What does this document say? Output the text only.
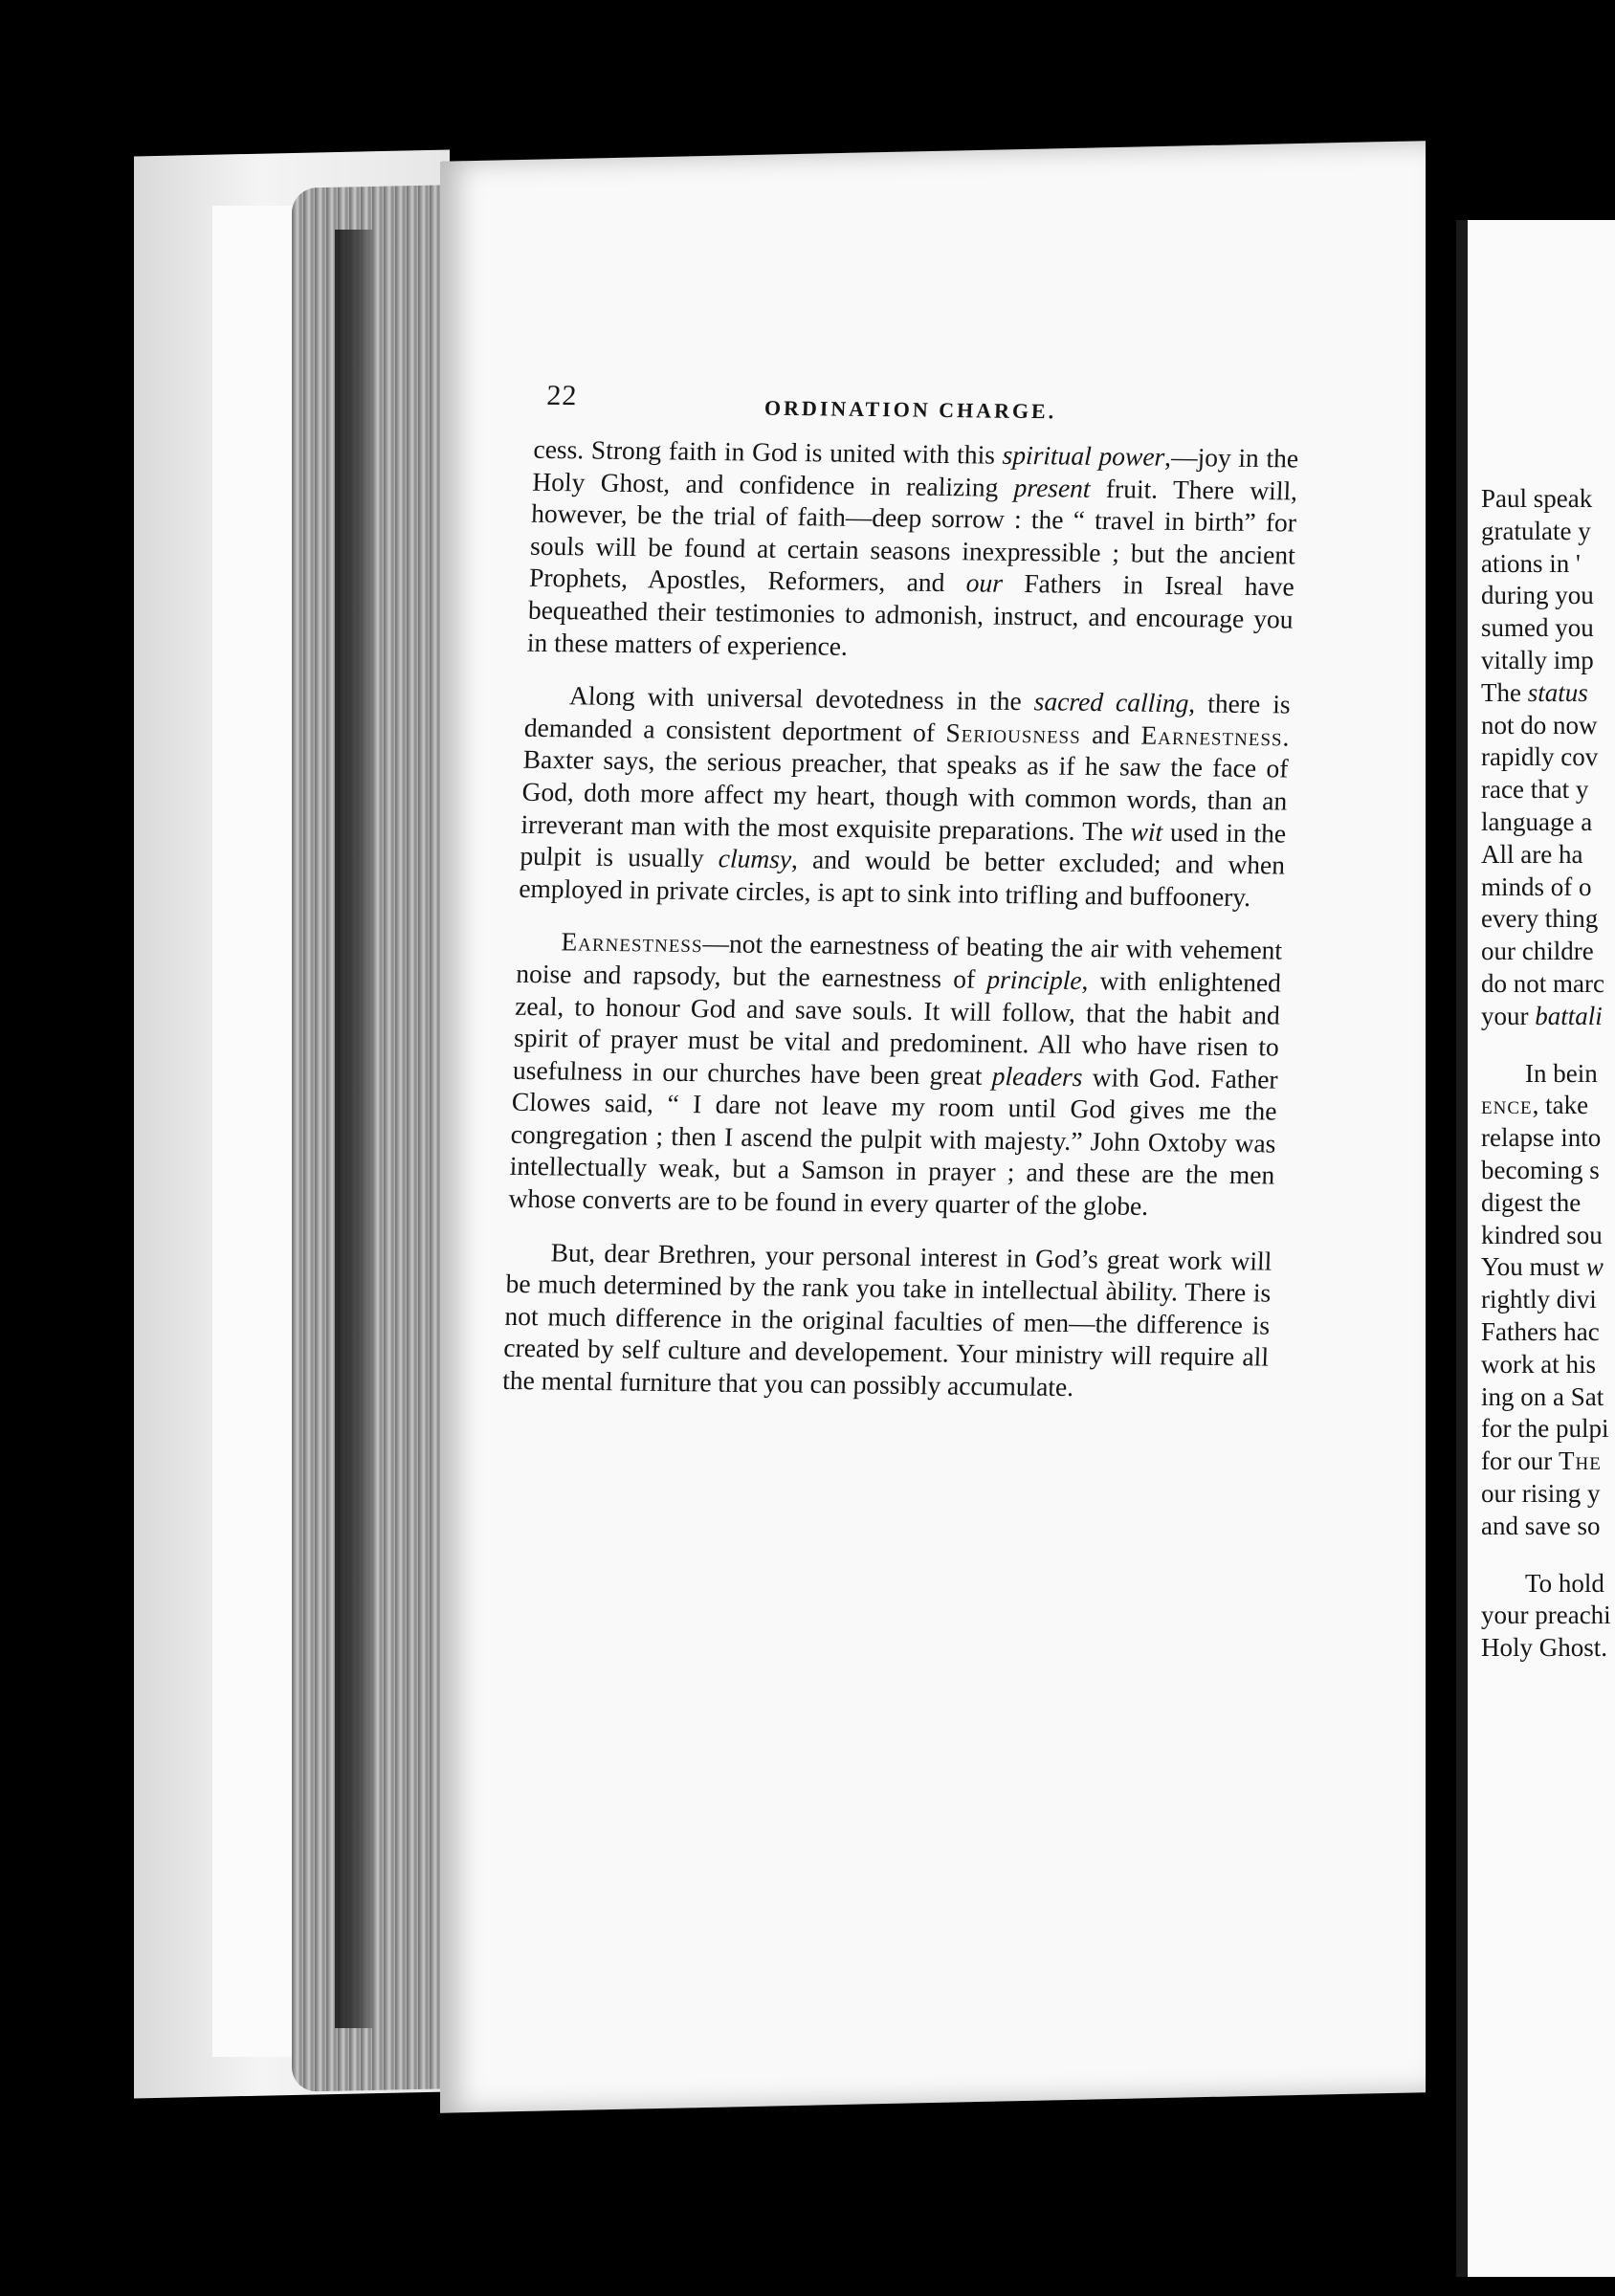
22	ORDINATION CHARGE.

cess. Strong faith in God is united with this spiritual power,—joy in the Holy Ghost, and confidence in realizing present fruit. There will, however, be the trial of faith—deep sorrow : the “ travel in birth” for souls will be found at certain seasons inexpressible ; but the ancient Prophets, Apostles, Reformers, and our Fathers in Isreal have bequeathed their testimonies to admonish, instruct, and encourage you in these matters of experience.

Along with universal devotedness in the sacred calling, there is demanded a consistent deportment of Seriousness and Earnestness. Baxter says, the serious preacher, that speaks as if he saw the face of God, doth more affect my heart, though with common words, than an irreverant man with the most exquisite preparations. The wit used in the pulpit is usually clumsy, and would be better excluded; and when employed in private circles, is apt to sink into trifling and buffoonery.

Earnestness—not the earnestness of beating the air with vehement noise and rapsody, but the earnestness of principle, with enlightened zeal, to honour God and save souls. It will follow, that the habit and spirit of prayer must be vital and predominent. All who have risen to usefulness in our churches have been great pleaders with God. Father Clowes said, “ I dare not leave my room until God gives me the congregation ; then I ascend the pulpit with majesty.” John Oxtoby was intellectually weak, but a Samson in prayer ; and these are the men whose converts are to be found in every quarter of the globe.

But, dear Brethren, your personal interest in God’s great work will be much determined by the rank you take in intellectual àbility. There is not much difference in the original faculties of men—the difference is created by self culture and developement. Your ministry will require all the mental furniture that you can possibly accumulate.

Paul speak
gratulate y
ations in '
during you
sumed you
vitally imp
The status
not do now
rapidly cov
race that y
language a
All are ha
minds of o
every thing
our childre
do not marc
your battali
In bein
ence, take
relapse into
becoming s
digest the
kindred sou
You must w
rightly divi
Fathers hac
work at his
ing on a Sat
for the pulpi
for our The
our rising y
and save so
To hold
your preachi
Holy Ghost.
